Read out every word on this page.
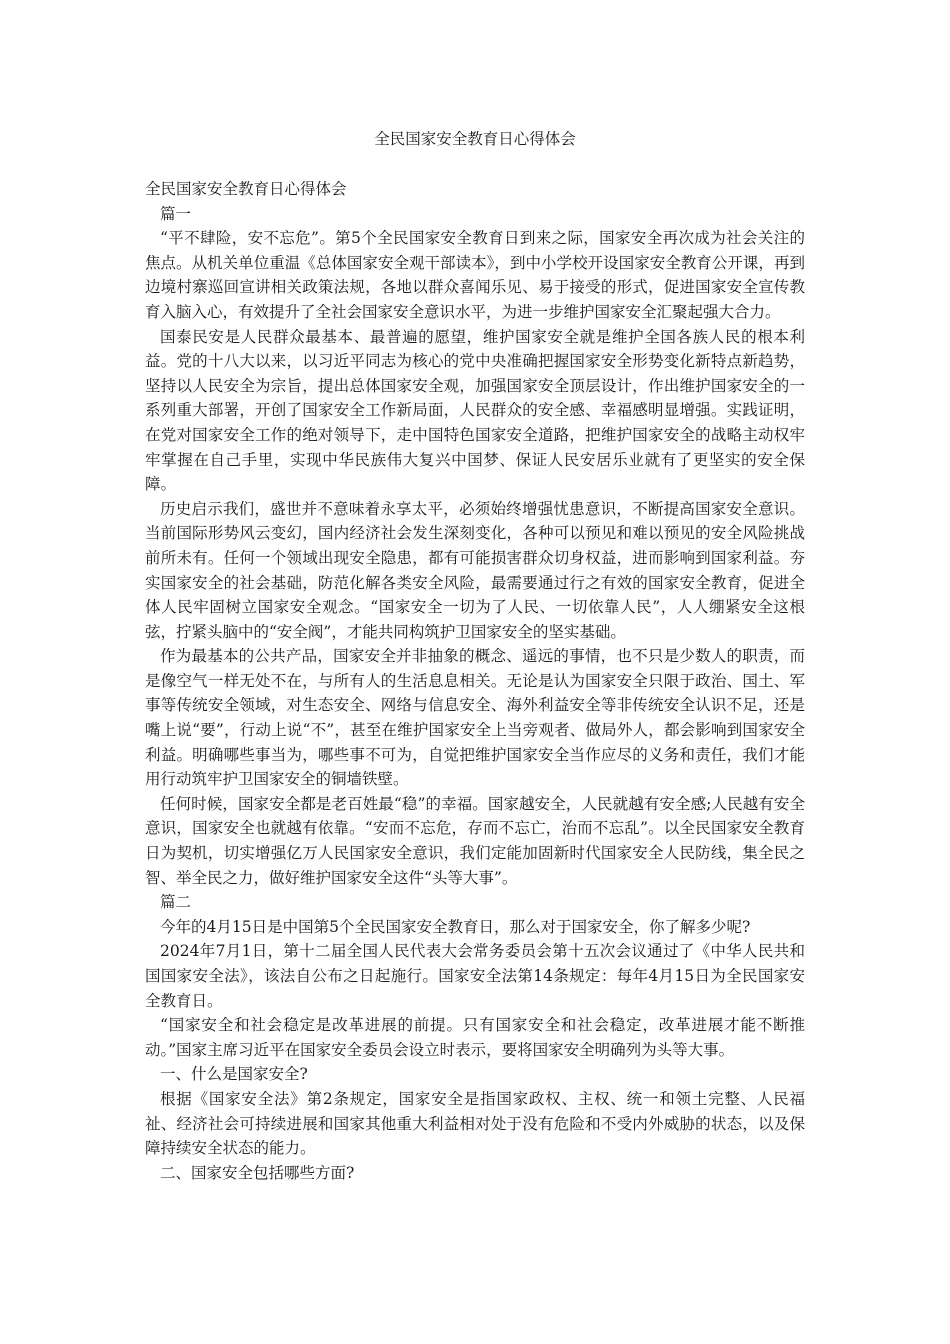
全民国家安全教育日心得体会

全民国家安全教育日心得体会

篇一

“平不肆险，安不忘危”。第5个全民国家安全教育日到来之际，国家安全再次成为社会关注的焦点。从机关单位重温《总体国家安全观干部读本》，到中小学校开设国家安全教育公开课，再到边境村寨巡回宣讲相关政策法规，各地以群众喜闻乐见、易于接受的形式，促进国家安全宣传教育入脑入心，有效提升了全社会国家安全意识水平，为进一步维护国家安全汇聚起强大合力。

国泰民安是人民群众最基本、最普遍的愿望，维护国家安全就是维护全国各族人民的根本利益。党的十八大以来，以习近平同志为核心的党中央准确把握国家安全形势变化新特点新趋势，坚持以人民安全为宗旨，提出总体国家安全观，加强国家安全顶层设计，作出维护国家安全的一系列重大部署，开创了国家安全工作新局面，人民群众的安全感、幸福感明显增强。实践证明，在党对国家安全工作的绝对领导下，走中国特色国家安全道路，把维护国家安全的战略主动权牢牢掌握在自己手里，实现中华民族伟大复兴中国梦、保证人民安居乐业就有了更坚实的安全保障。

历史启示我们，盛世并不意味着永享太平，必须始终增强忧患意识，不断提高国家安全意识。当前国际形势风云变幻，国内经济社会发生深刻变化，各种可以预见和难以预见的安全风险挑战前所未有。任何一个领域出现安全隐患，都有可能损害群众切身权益，进而影响到国家利益。夯实国家安全的社会基础，防范化解各类安全风险，最需要通过行之有效的国家安全教育，促进全体人民牢固树立国家安全观念。“国家安全一切为了人民、一切依靠人民”，人人绷紧安全这根弦，拧紧头脑中的“安全阀”，才能共同构筑护卫国家安全的坚实基础。

作为最基本的公共产品，国家安全并非抽象的概念、遥远的事情，也不只是少数人的职责，而是像空气一样无处不在，与所有人的生活息息相关。无论是认为国家安全只限于政治、国土、军事等传统安全领域，对生态安全、网络与信息安全、海外利益安全等非传统安全认识不足，还是嘴上说“要”，行动上说“不”，甚至在维护国家安全上当旁观者、做局外人，都会影响到国家安全利益。明确哪些事当为，哪些事不可为，自觉把维护国家安全当作应尽的义务和责任，我们才能用行动筑牢护卫国家安全的铜墙铁壁。

任何时候，国家安全都是老百姓最“稳”的幸福。国家越安全，人民就越有安全感;人民越有安全意识，国家安全也就越有依靠。“安而不忘危，存而不忘亡，治而不忘乱”。以全民国家安全教育日为契机，切实增强亿万人民国家安全意识，我们定能加固新时代国家安全人民防线，集全民之智、举全民之力，做好维护国家安全这件“头等大事”。

篇二

今年的4月15日是中国第5个全民国家安全教育日，那么对于国家安全，你了解多少呢?

2024年7月1日，第十二届全国人民代表大会常务委员会第十五次会议通过了《中华人民共和国国家安全法》，该法自公布之日起施行。国家安全法第14条规定：每年4月15日为全民国家安全教育日。

“国家安全和社会稳定是改革进展的前提。只有国家安全和社会稳定，改革进展才能不断推动。”国家主席习近平在国家安全委员会设立时表示，要将国家安全明确列为头等大事。

一、什么是国家安全?

根据《国家安全法》第2条规定，国家安全是指国家政权、主权、统一和领土完整、人民福祉、经济社会可持续进展和国家其他重大利益相对处于没有危险和不受内外威胁的状态，以及保障持续安全状态的能力。

二、国家安全包括哪些方面?
